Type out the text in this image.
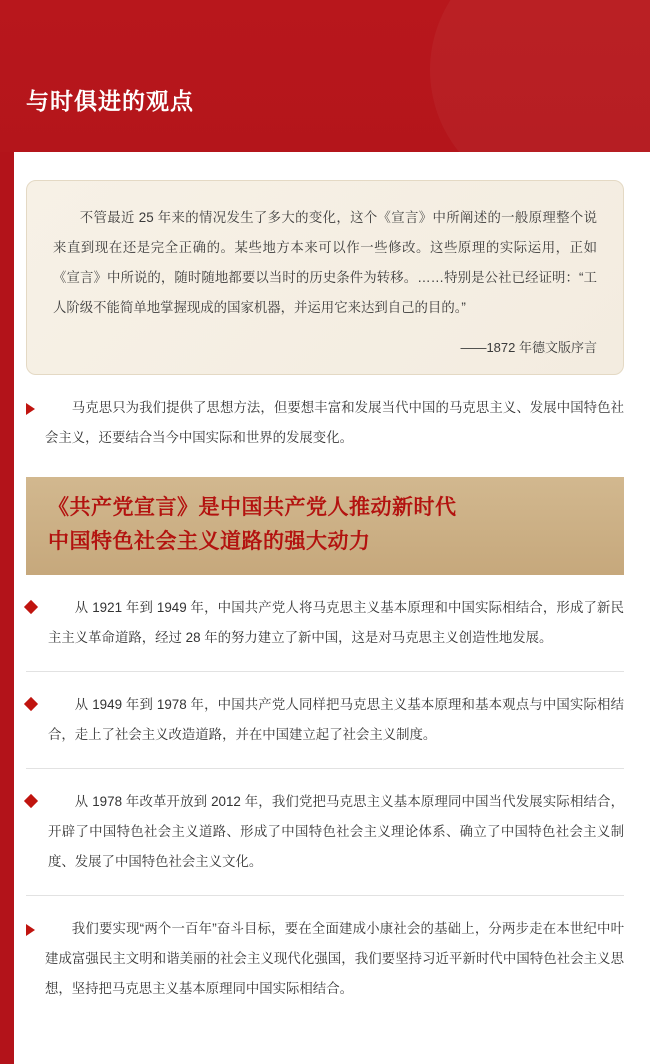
与时俱进的观点

不管最近 25 年来的情况发生了多大的变化，这个《宣言》中所阐述的一般原理整个说来直到现在还是完全正确的。某些地方本来可以作一些修改。这些原理的实际运用，正如《宣言》中所说的，随时随地都要以当时的历史条件为转移。……特别是公社已经证明：“工人阶级不能简单地掌握现成的国家机器，并运用它来达到自己的目的。”

——1872 年德文版序言
马克思只为我们提供了思想方法，但要想丰富和发展当代中国的马克思主义、发展中国特色社会主义，还要结合当今中国实际和世界的发展变化。
《共产党宣言》是中国共产党人推动新时代
中国特色社会主义道路的强大动力
从 1921 年到 1949 年，中国共产党人将马克思主义基本原理和中国实际相结合，形成了新民主主义革命道路，经过 28 年的努力建立了新中国，这是对马克思主义创造性地发展。
从 1949 年到 1978 年，中国共产党人同样把马克思主义基本原理和基本观点与中国实际相结合，走上了社会主义改造道路，并在中国建立起了社会主义制度。
从 1978 年改革开放到 2012 年，我们党把马克思主义基本原理同中国当代发展实际相结合，开辟了中国特色社会主义道路、形成了中国特色社会主义理论体系、确立了中国特色社会主义制度、发展了中国特色社会主义文化。
我们要实现“两个一百年”奋斗目标，要在全面建成小康社会的基础上，分两步走在本世纪中叶建成富强民主文明和谐美丽的社会主义现代化强国，我们要坚持习近平新时代中国特色社会主义思想，坚持把马克思主义基本原理同中国实际相结合。
